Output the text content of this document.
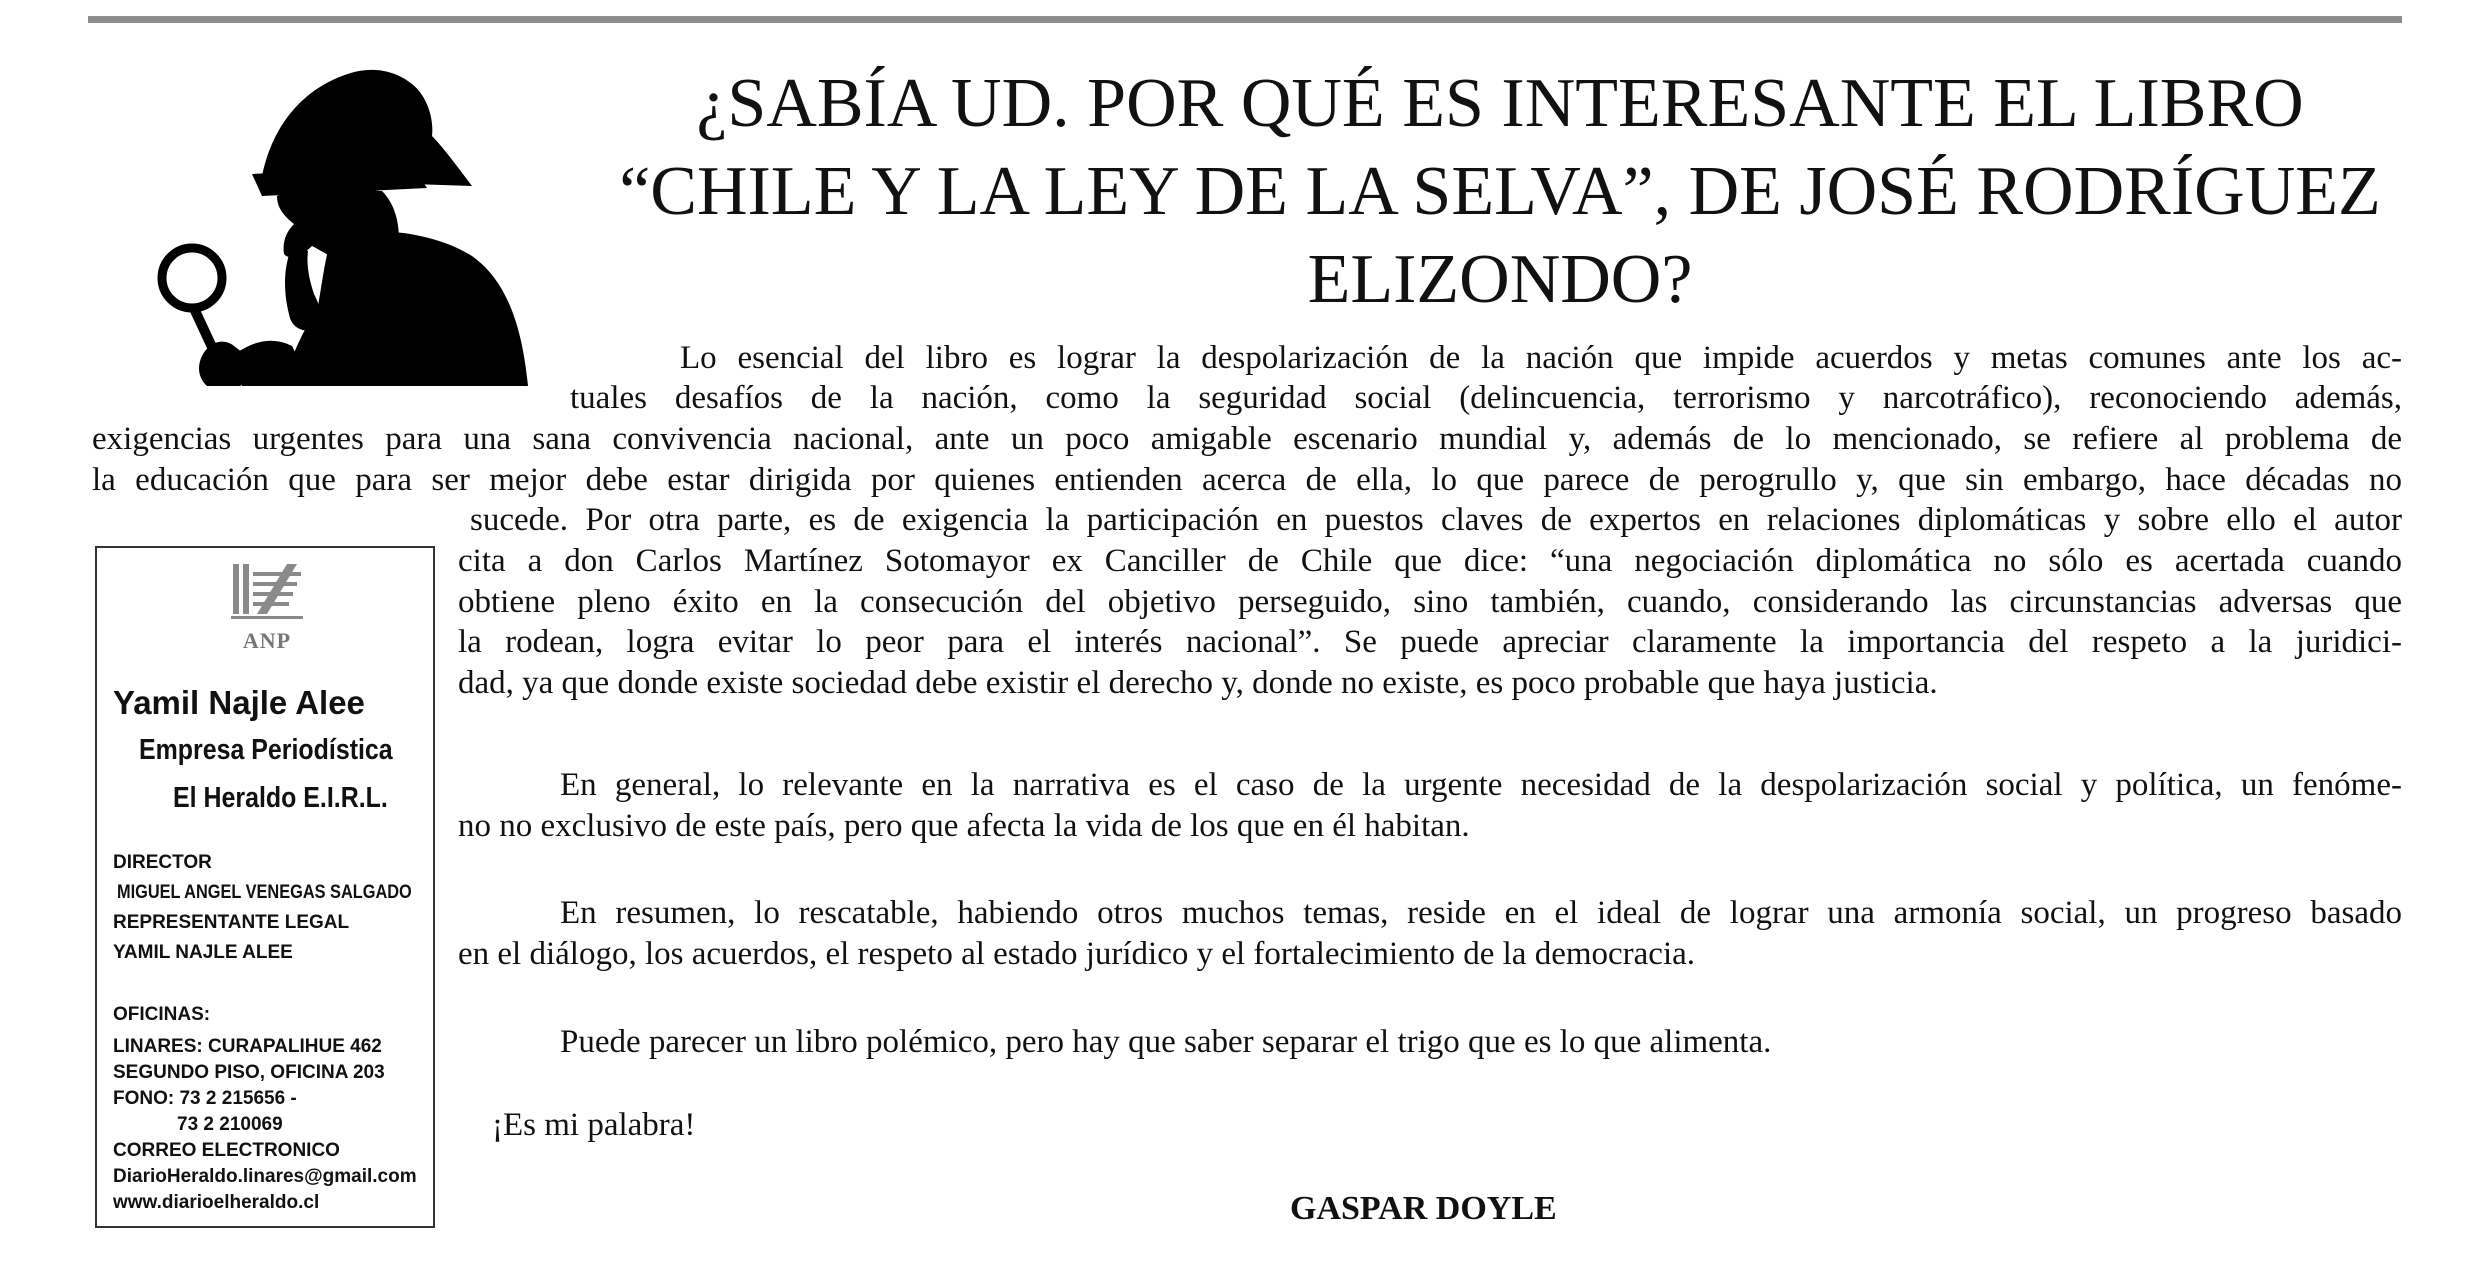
¿SABÍA UD. POR QUÉ ES INTERESANTE EL LIBRO
“CHILE Y LA LEY DE LA SELVA”, DE JOSÉ RODRÍGUEZ
ELIZONDO?
Lo esencial del libro es lograr la despolarización de la nación que impide acuerdos y metas comunes ante los ac-
tuales desafíos de la nación, como la seguridad social (delincuencia, terrorismo y narcotráfico), reconociendo además,
exigencias urgentes para una sana convivencia nacional, ante un poco amigable escenario mundial y, además de lo mencionado, se refiere al problema de
la educación que para ser mejor debe estar dirigida por quienes entienden acerca de ella, lo que parece de perogrullo y, que sin embargo, hace décadas no
sucede. Por otra parte, es de exigencia la participación en puestos claves de expertos en relaciones diplomáticas y sobre ello el autor
cita a don Carlos Martínez Sotomayor ex Canciller de Chile que dice: “una negociación diplomática no sólo es acertada cuando
obtiene pleno éxito en la consecución del objetivo perseguido, sino también, cuando, considerando las circunstancias adversas que
la rodean, logra evitar lo peor para el interés nacional”. Se puede apreciar claramente la importancia del respeto a la juridici-
dad, ya que donde existe sociedad debe existir el derecho y, donde no existe, es poco probable que haya justicia.
En general, lo relevante en la narrativa es el caso de la urgente necesidad de la despolarización social y política, un fenóme-
no no exclusivo de este país, pero que afecta la vida de los que en él habitan.
En resumen, lo rescatable, habiendo otros muchos temas, reside en el ideal de lograr una armonía social, un progreso basado
en el diálogo, los acuerdos, el respeto al estado jurídico y el fortalecimiento de la democracia.
Puede parecer un libro polémico, pero hay que saber separar el trigo que es lo que alimenta.
¡Es mi palabra!
GASPAR DOYLE
ANP
Yamil Najle Alee
Empresa Periodística
El Heraldo E.I.R.L.
DIRECTOR
MIGUEL ANGEL VENEGAS SALGADO
REPRESENTANTE LEGAL
YAMIL NAJLE ALEE
OFICINAS:
LINARES: CURAPALIHUE 462
SEGUNDO PISO, OFICINA 203
FONO: 73 2 215656 -
73 2 210069
CORREO ELECTRONICO
DiarioHeraldo.linares@gmail.com
www.diarioelheraldo.cl
